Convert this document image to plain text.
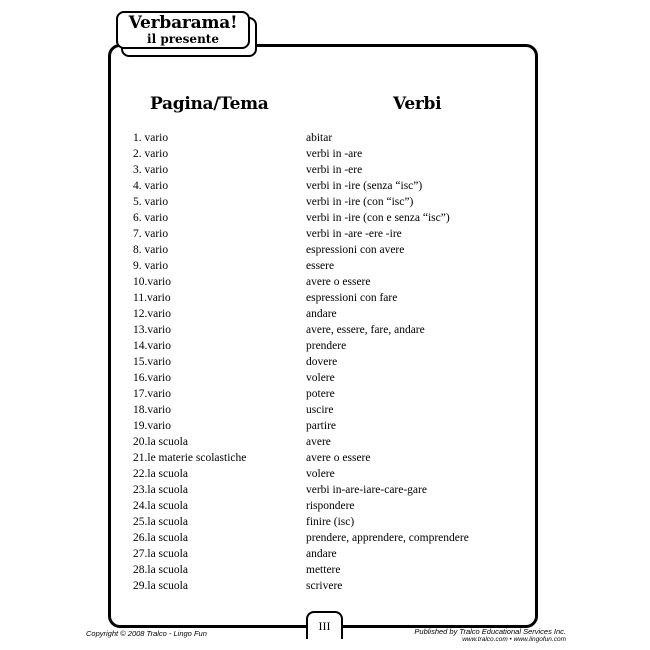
Verbarama!
il presente
Pagina/Tema	Verbi
1. vario	abitar
2. vario	verbi in -are
3. vario	verbi in -ere
4. vario	verbi in -ire (senza “isc”)
5. vario	verbi in -ire (con “isc”)
6. vario	verbi in -ire (con e senza “isc”)
7. vario	verbi in -are -ere -ire
8. vario	espressioni con avere
9. vario	essere
10.vario	avere o essere
11.vario	espressioni con fare
12.vario	andare
13.vario	avere, essere, fare, andare
14.vario	prendere
15.vario	dovere
16.vario	volere
17.vario	potere
18.vario	uscire
19.vario	partire
20.la scuola	avere
21.le materie scolastiche	avere o essere
22.la scuola	volere
23.la scuola	verbi in-are-iare-care-gare
24.la scuola	rispondere
25.la scuola	finire (isc)
26.la scuola	prendere, apprendere, comprendere
27.la scuola	andare
28.la scuola	mettere
29.la scuola	scrivere
III
Copyright © 2008 Tralco - Lingo Fun	Published by Tralco Educational Services Inc.
www.tralco.com • www.lingofun.com
